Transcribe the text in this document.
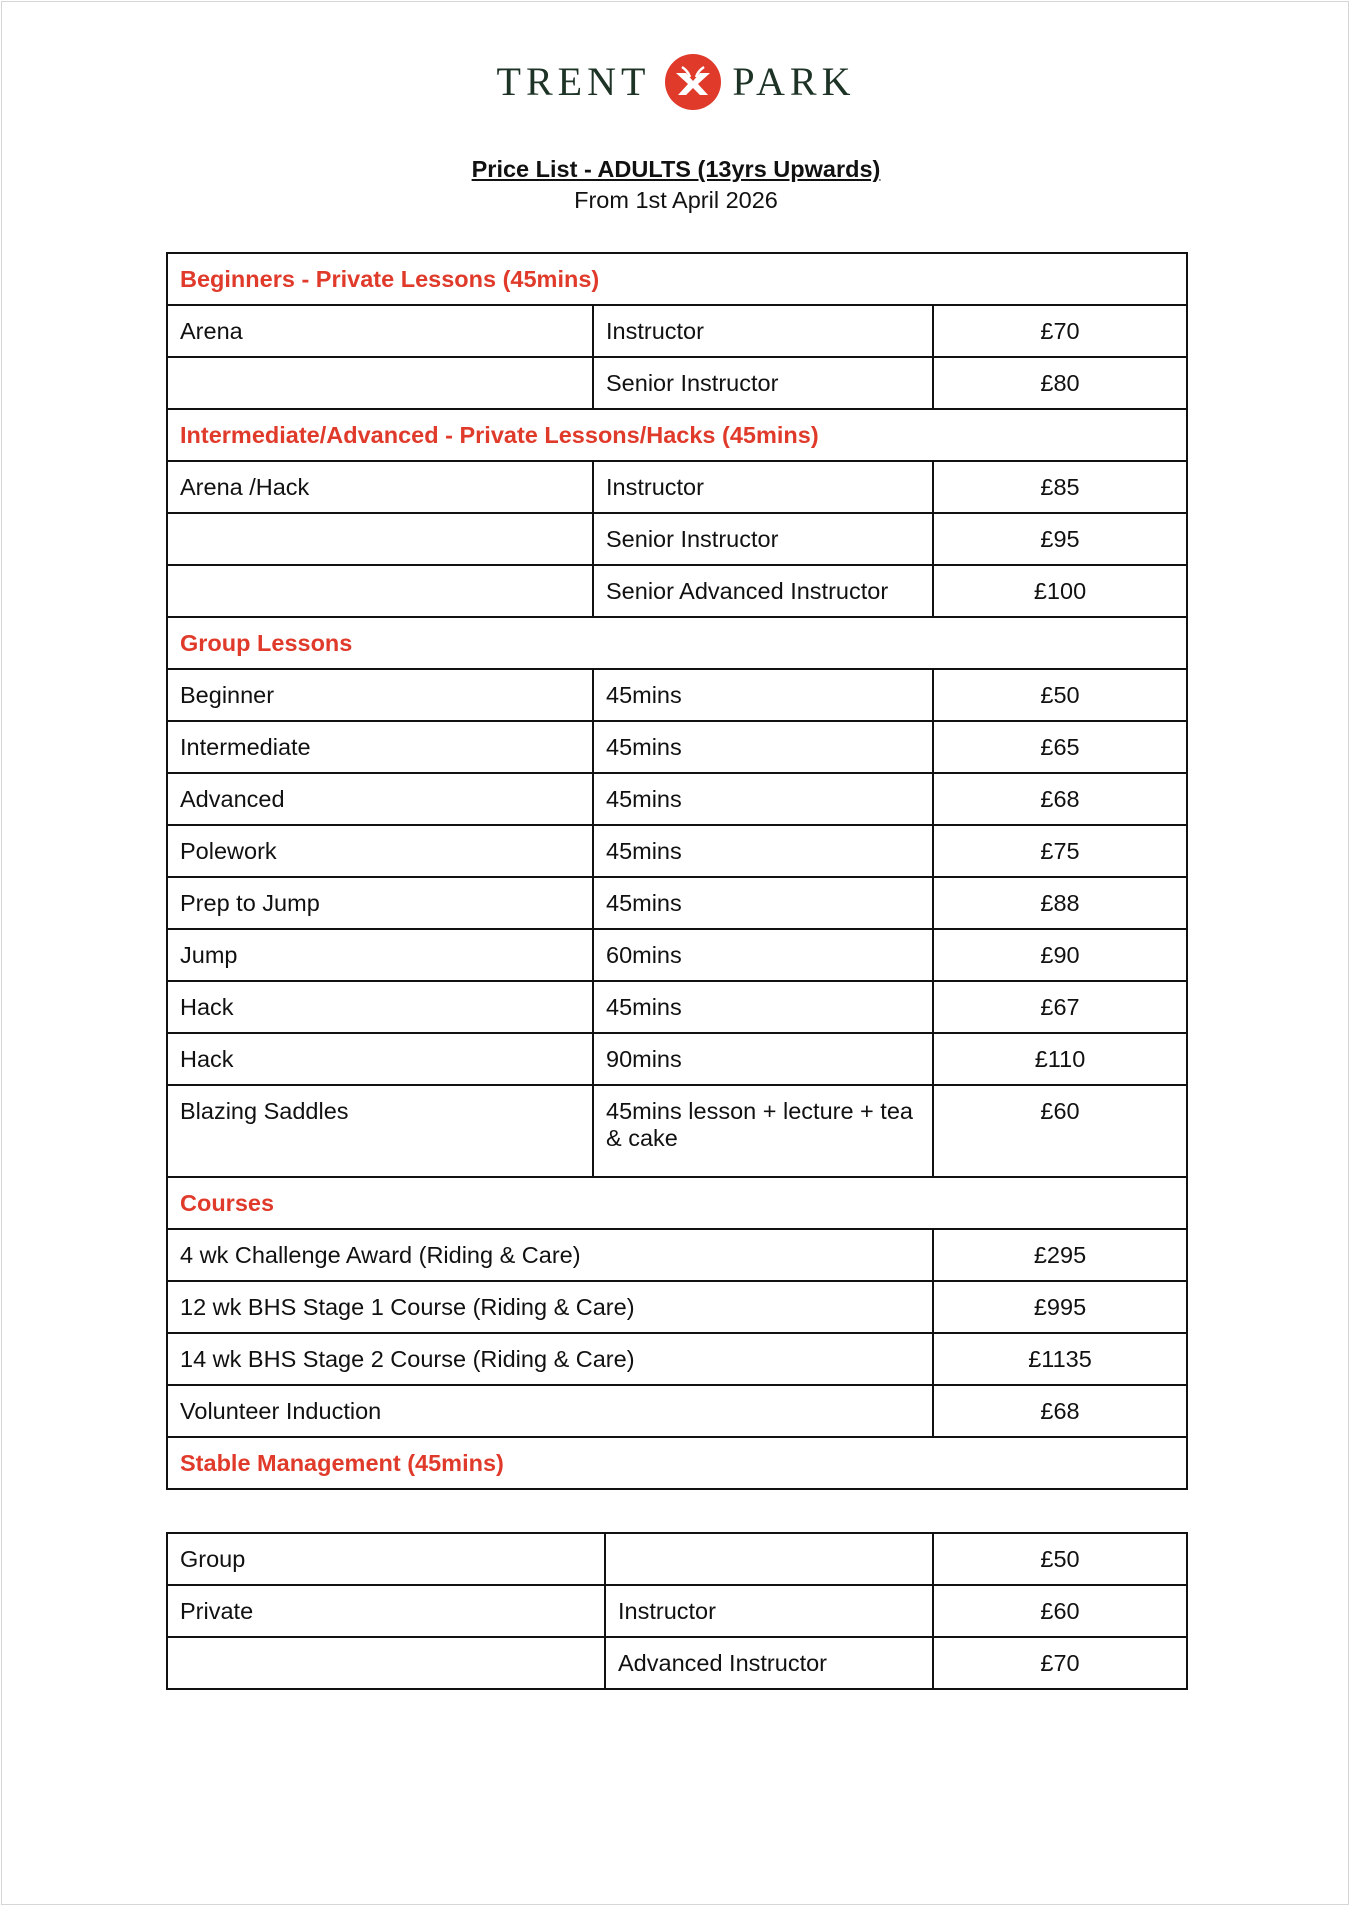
TRENT PARK
Price List - ADULTS (13yrs Upwards)
From 1st April 2026
Beginners - Private Lessons (45mins)		
Arena	Instructor	£70
	Senior Instructor	£80
Intermediate/Advanced - Private Lessons/Hacks (45mins)		
Arena /Hack	Instructor	£85
	Senior Instructor	£95
	Senior Advanced Instructor	£100
Group Lessons		
Beginner	45mins	£50
Intermediate	45mins	£65
Advanced	45mins	£68
Polework	45mins	£75
Prep to Jump	45mins	£88
Jump	60mins	£90
Hack	45mins	£67
Hack	90mins	£110
Blazing Saddles	45mins lesson + lecture + tea & cake	£60
Courses		
4 wk Challenge Award (Riding & Care)		£295
12 wk BHS Stage 1 Course (Riding & Care)		£995
14 wk BHS Stage 2 Course (Riding & Care)		£1135
Volunteer Induction		£68
Stable Management (45mins)		
Group		£50
Private	Instructor	£60
	Advanced Instructor	£70
